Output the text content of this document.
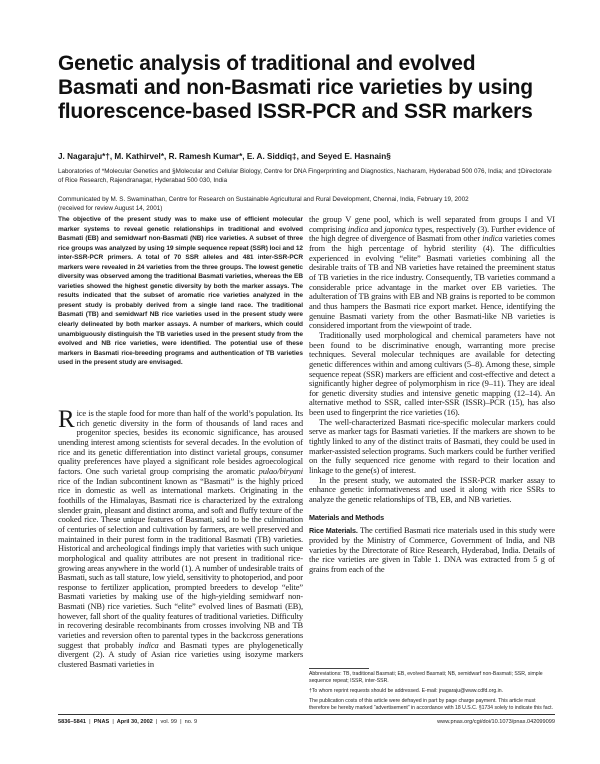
Genetic analysis of traditional and evolved Basmati and non-Basmati rice varieties by using fluorescence-based ISSR-PCR and SSR markers
J. Nagaraju*†, M. Kathirvel*, R. Ramesh Kumar*, E. A. Siddiq‡, and Seyed E. Hasnain§
Laboratories of *Molecular Genetics and §Molecular and Cellular Biology, Centre for DNA Fingerprinting and Diagnostics, Nacharam, Hyderabad 500 076, India; and ‡Directorate of Rice Research, Rajendranagar, Hyderabad 500 030, India
Communicated by M. S. Swaminathan, Centre for Research on Sustainable Agricultural and Rural Development, Chennai, India, February 19, 2002
(received for review August 14, 2001)
The objective of the present study was to make use of efficient molecular marker systems to reveal genetic relationships in traditional and evolved Basmati (EB) and semidwarf non-Basmati (NB) rice varieties. A subset of three rice groups was analyzed by using 19 simple sequence repeat (SSR) loci and 12 inter-SSR-PCR primers. A total of 70 SSR alleles and 481 inter-SSR-PCR markers were revealed in 24 varieties from the three groups. The lowest genetic diversity was observed among the traditional Basmati varieties, whereas the EB varieties showed the highest genetic diversity by both the marker assays. The results indicated that the subset of aromatic rice varieties analyzed in the present study is probably derived from a single land race. The traditional Basmati (TB) and semidwarf NB rice varieties used in the present study were clearly delineated by both marker assays. A number of markers, which could unambiguously distinguish the TB varieties used in the present study from the evolved and NB rice varieties, were identified. The potential use of these markers in Basmati rice-breeding programs and authentication of TB varieties used in the present study are envisaged.
Rice is the staple food for more than half of the world’s population. Its rich genetic diversity in the form of thousands of land races and progenitor species, besides its economic significance, has aroused unending interest among scientists for several decades. In the evolution of rice and its genetic differentiation into distinct varietal groups, consumer quality preferences have played a significant role besides agroecological factors. One such varietal group comprising the aromatic pulao/biryani rice of the Indian subcontinent known as “Basmati” is the highly priced rice in domestic as well as international markets. Originating in the foothills of the Himalayas, Basmati rice is characterized by the extralong slender grain, pleasant and distinct aroma, and soft and fluffy texture of the cooked rice. These unique features of Basmati, said to be the culmination of centuries of selection and cultivation by farmers, are well preserved and maintained in their purest form in the traditional Basmati (TB) varieties. Historical and archeological findings imply that varieties with such unique morphological and quality attributes are not present in traditional rice-growing areas anywhere in the world (1). A number of undesirable traits of Basmati, such as tall stature, low yield, sensitivity to photoperiod, and poor response to fertilizer application, prompted breeders to develop “elite” Basmati varieties by making use of the high-yielding semidwarf non-Basmati (NB) rice varieties. Such “elite” evolved lines of Basmati (EB), however, fall short of the quality features of traditional varieties. Difficulty in recovering desirable recombinants from crosses involving NB and TB varieties and reversion often to parental types in the backcross generations suggest that probably indica and Basmati types are phylogenetically divergent (2). A study of Asian rice varieties using isozyme markers clustered Basmati varieties in

the group V gene pool, which is well separated from groups I and VI comprising indica and japonica types, respectively (3). Further evidence of the high degree of divergence of Basmati from other indica varieties comes from the high percentage of hybrid sterility (4). The difficulties experienced in evolving “elite” Basmati varieties combining all the desirable traits of TB and NB varieties have retained the preeminent status of TB varieties in the rice industry. Consequently, TB varieties command a considerable price advantage in the market over EB varieties. The adulteration of TB grains with EB and NB grains is reported to be common and thus hampers the Basmati rice export market. Hence, identifying the genuine Basmati variety from the other Basmati-like NB varieties is considered important from the viewpoint of trade.

Traditionally used morphological and chemical parameters have not been found to be discriminative enough, warranting more precise techniques. Several molecular techniques are available for detecting genetic differences within and among cultivars (5–8). Among these, simple sequence repeat (SSR) markers are efficient and cost-effective and detect a significantly higher degree of polymorphism in rice (9–11). They are ideal for genetic diversity studies and intensive genetic mapping (12–14). An alternative method to SSR, called inter-SSR (ISSR)–PCR (15), has also been used to fingerprint the rice varieties (16).

The well-characterized Basmati rice-specific molecular markers could serve as marker tags for Basmati varieties. If the markers are shown to be tightly linked to any of the distinct traits of Basmati, they could be used in marker-assisted selection programs. Such markers could be further verified on the fully sequenced rice genome with regard to their location and linkage to the gene(s) of interest.

In the present study, we automated the ISSR-PCR marker assay to enhance genetic informativeness and used it along with rice SSRs to analyze the genetic relationships of TB, EB, and NB varieties.

Materials and Methods

Rice Materials. The certified Basmati rice materials used in this study were provided by the Ministry of Commerce, Government of India, and NB varieties by the Directorate of Rice Research, Hyderabad, India. Details of the rice varieties are given in Table 1. DNA was extracted from 5 g of grains from each of the

Abbreviations: TB, traditional Basmati; EB, evolved Basmati; NB, semidwarf non-Basmati; SSR, simple sequence repeat; ISSR, inter-SSR.

†To whom reprint requests should be addressed. E-mail: jnagaraju@www.cdfd.org.in.

The publication costs of this article were defrayed in part by page charge payment. This article must therefore be hereby marked “advertisement” in accordance with 18 U.S.C. §1734 solely to indicate this fact.

5836–5841  |  PNAS  |  April 30, 2002  |  vol. 99  |  no. 9	www.pnas.org/cgi/doi/10.1073/pnas.042099099
